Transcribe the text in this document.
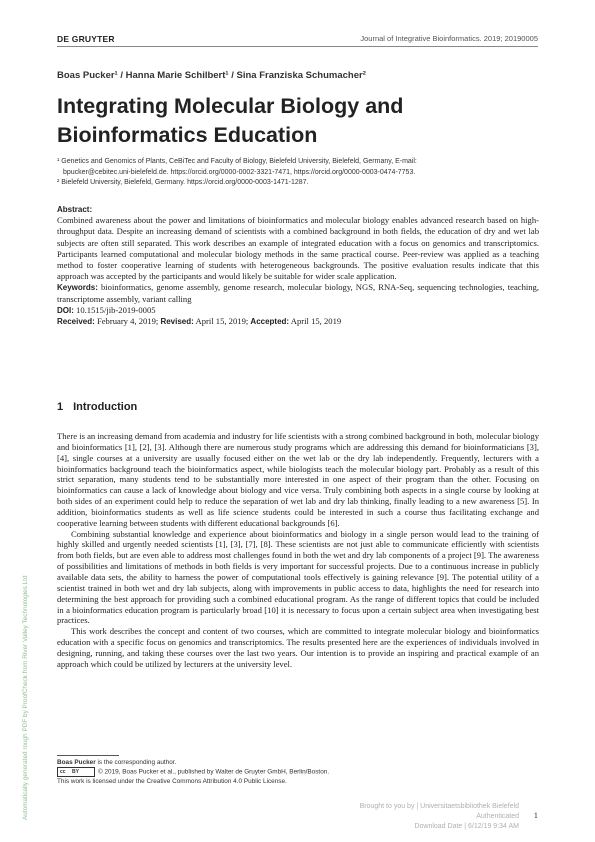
DE GRUYTER	Journal of Integrative Bioinformatics. 2019; 20190005
Boas Pucker¹ / Hanna Marie Schilbert¹ / Sina Franziska Schumacher²
Integrating Molecular Biology and Bioinformatics Education

¹ Genetics and Genomics of Plants, CeBiTec and Faculty of Biology, Bielefeld University, Bielefeld, Germany, E-mail:

bpucker@cebitec.uni-bielefeld.de. https://orcid.org/0000-0002-3321-7471, https://orcid.org/0000-0003-0474-7753.

² Bielefeld University, Bielefeld, Germany. https://orcid.org/0000-0003-1471-1287.

Abstract:

Combined awareness about the power and limitations of bioinformatics and molecular biology enables advanced research based on high-throughput data. Despite an increasing demand of scientists with a combined background in both fields, the education of dry and wet lab subjects are often still separated. This work describes an example of integrated education with a focus on genomics and transcriptomics. Participants learned computational and molecular biology methods in the same practical course. Peer-review was applied as a teaching method to foster cooperative learning of students with heterogeneous backgrounds. The positive evaluation results indicate that this approach was accepted by the participants and would likely be suitable for wider scale application.

Keywords: bioinformatics, genome assembly, genome research, molecular biology, NGS, RNA-Seq, sequencing technologies, teaching, transcriptome assembly, variant calling

DOI: 10.1515/jib-2019-0005

Received: February 4, 2019; Revised: April 15, 2019; Accepted: April 15, 2019

1 Introduction

There is an increasing demand from academia and industry for life scientists with a strong combined background in both, molecular biology and bioinformatics [1], [2], [3]. Although there are numerous study programs which are addressing this demand for bioinformaticians [3], [4], single courses at a university are usually focused either on the wet lab or the dry lab independently. Frequently, lecturers with a bioinformatics background teach the bioinformatics aspect, while biologists teach the molecular biology part. Probably as a result of this strict separation, many students tend to be substantially more interested in one aspect of their program than the other. Focusing on bioinformatics can cause a lack of knowledge about biology and vice versa. Truly combining both aspects in a single course by looking at both sides of an experiment could help to reduce the separation of wet lab and dry lab thinking, finally leading to a new awareness [5]. In addition, bioinformatics students as well as life science students could be interested in such a course thus facilitating exchange and cooperative learning between students with different educational backgrounds [6].

Combining substantial knowledge and experience about bioinformatics and biology in a single person would lead to the training of highly skilled and urgently needed scientists [1], [3], [7], [8]. These scientists are not just able to communicate efficiently with scientists from both fields, but are even able to address most challenges found in both the wet and dry lab components of a project [9]. The awareness of possibilities and limitations of methods in both fields is very important for successful projects. Due to a continuous increase in publicly available data sets, the ability to harness the power of computational tools effectively is gaining relevance [9]. The potential utility of a scientist trained in both wet and dry lab subjects, along with improvements in public access to data, highlights the need for research into determining the best approach for providing such a combined educational program. As the range of different topics that could be included in a bioinformatics education program is particularly broad [10] it is necessary to focus upon a certain subject area when investigating best practices.

This work describes the concept and content of two courses, which are committed to integrate molecular biology and bioinformatics education with a specific focus on genomics and transcriptomics. The results presented here are the experiences of individuals involved in designing, running, and taking these courses over the last two years. Our intention is to provide an inspiring and practical example of an approach which could be utilized by lecturers at the university level.

Boas Pucker is the corresponding author.

cc BY	© 2019, Boas Pucker et al., published by Walter de Gruyter GmbH, Berlin/Boston.

This work is licensed under the Creative Commons Attribution 4.0 Public License.

Automatically generated rough PDF by ProofCheck from River Valley Technologies Ltd	Brought to you by | Universitaetsbibliothek Bielefeld

Authenticated

Download Date | 6/12/19 9:34 AM

1
